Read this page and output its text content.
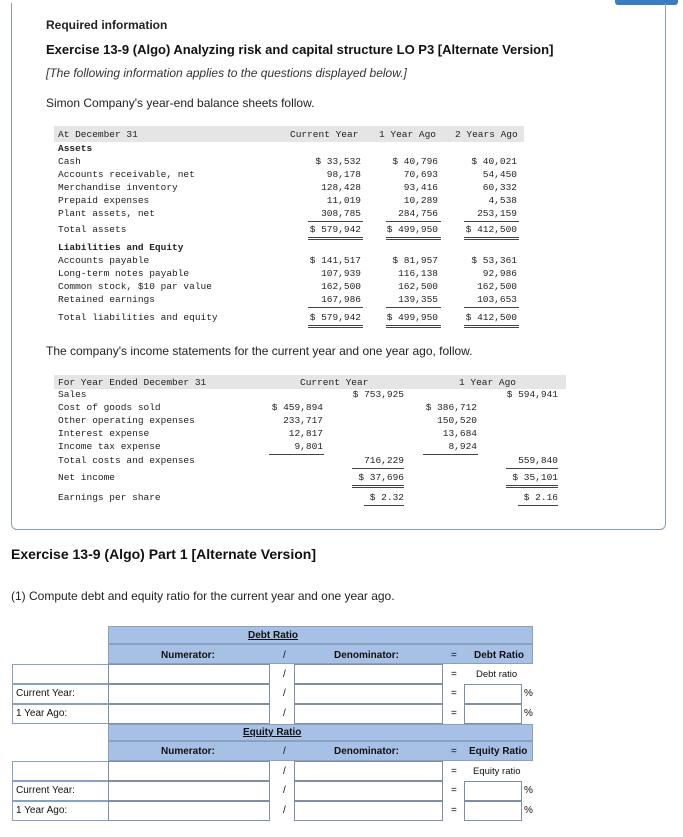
Required information
Exercise 13-9 (Algo) Analyzing risk and capital structure LO P3 [Alternate Version]
[The following information applies to the questions displayed below.]
Simon Company's year-end balance sheets follow.
At December 31	Current Year 1 Year Ago 2 Years Ago
Assets
Cash	$ 33,532	$ 40,796	$ 40,021
Accounts receivable, net	98,178	70,693	54,450
Merchandise inventory	128,428	93,416	60,332
Prepaid expenses	11,019	10,289	4,538
Plant assets, net	308,785	284,756	253,159
Total assets	$ 579,942	$ 499,950	$ 412,500
Liabilities and Equity
Accounts payable	$ 141,517	$ 81,957	$ 53,361
Long-term notes payable	107,939	116,138	92,986
Common stock, $10 par value	162,500	162,500	162,500
Retained earnings	167,986	139,355	103,653
Total liabilities and equity	$ 579,942	$ 499,950	$ 412,500
The company's income statements for the current year and one year ago, follow.
For Year Ended December 31	Current Year	1 Year Ago
Sales	$ 753,925	$ 594,941
Cost of goods sold	$ 459,894	$ 386,712
Other operating expenses	233,717	150,520
Interest expense	12,817	13,684
Income tax expense	9,801	8,924
Total costs and expenses	716,229	559,840
Net income	$ 37,696	$ 35,101
Earnings per share	$ 2.32	$ 2.16
Exercise 13-9 (Algo) Part 1 [Alternate Version]
(1) Compute debt and equity ratio for the current year and one year ago.
Debt Ratio
Numerator:	/	Denominator:	= Debt Ratio
/	= Debt ratio
Current Year:	/	=	%
1 Year Ago:	/	=	%
Equity Ratio
Numerator:	/	Denominator:	= Equity Ratio
/	= Equity ratio
Current Year:	/	=	%
1 Year Ago:	/	=	%
